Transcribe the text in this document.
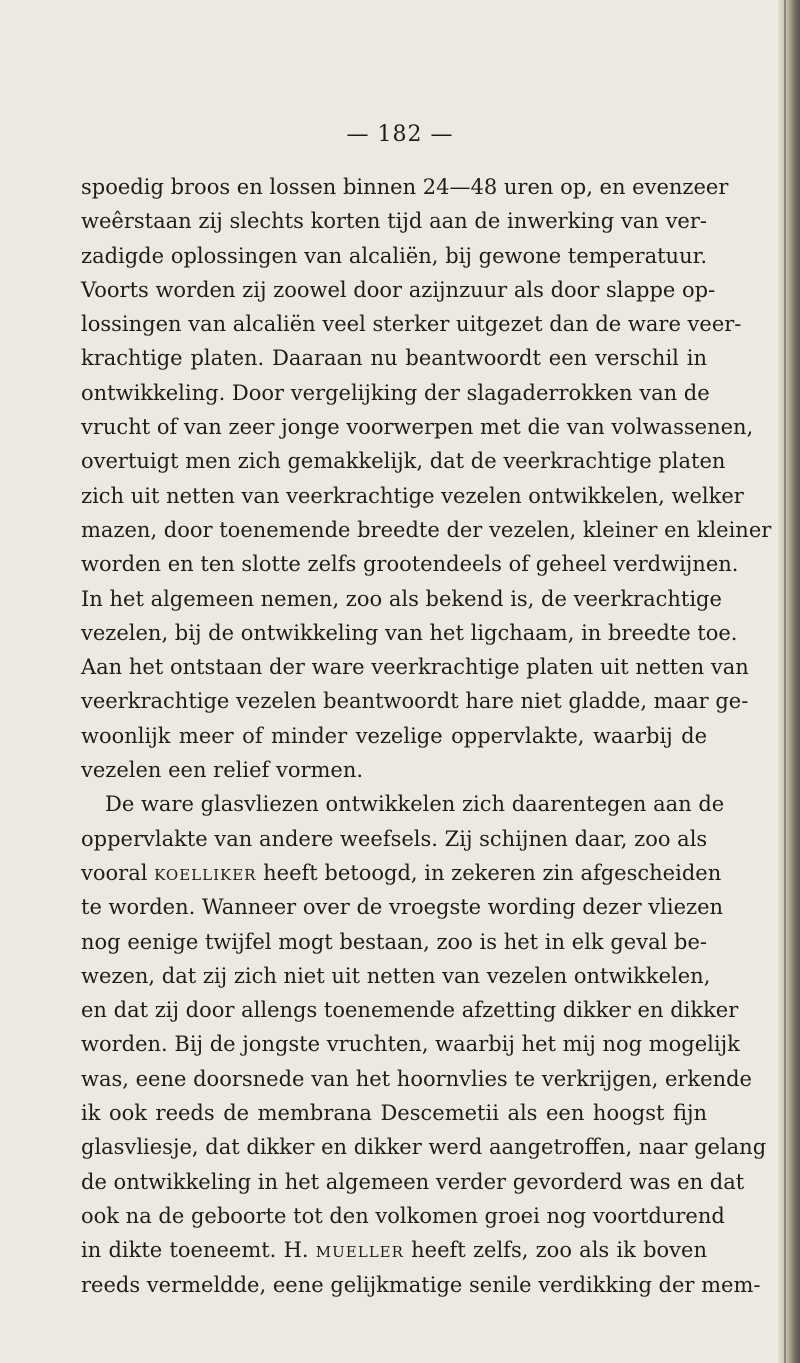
— 182 —
spoedig broos en lossen binnen 24—48 uren op, en evenzeer
weêrstaan zij slechts korten tijd aan de inwerking van ver-
zadigde oplossingen van alcaliën, bij gewone temperatuur.
Voorts worden zij zoowel door azijnzuur als door slappe op-
lossingen van alcaliën veel sterker uitgezet dan de ware veer-
krachtige platen. Daaraan nu beantwoordt een verschil in
ontwikkeling. Door vergelijking der slagaderrokken van de
vrucht of van zeer jonge voorwerpen met die van volwassenen,
overtuigt men zich gemakkelijk, dat de veerkrachtige platen
zich uit netten van veerkrachtige vezelen ontwikkelen, welker
mazen, door toenemende breedte der vezelen, kleiner en kleiner
worden en ten slotte zelfs grootendeels of geheel verdwijnen.
In het algemeen nemen, zoo als bekend is, de veerkrachtige
vezelen, bij de ontwikkeling van het ligchaam, in breedte toe.
Aan het ontstaan der ware veerkrachtige platen uit netten van
veerkrachtige vezelen beantwoordt hare niet gladde, maar ge-
woonlijk meer of minder vezelige oppervlakte, waarbij de
vezelen een relief vormen.
De ware glasvliezen ontwikkelen zich daarentegen aan de
oppervlakte van andere weefsels. Zij schijnen daar, zoo als
vooral koelliker heeft betoogd, in zekeren zin afgescheiden
te worden. Wanneer over de vroegste wording dezer vliezen
nog eenige twijfel mogt bestaan, zoo is het in elk geval be-
wezen, dat zij zich niet uit netten van vezelen ontwikkelen,
en dat zij door allengs toenemende afzetting dikker en dikker
worden. Bij de jongste vruchten, waarbij het mij nog mogelijk
was, eene doorsnede van het hoornvlies te verkrijgen, erkende
ik ook reeds de membrana Descemetii als een hoogst fijn
glasvliesje, dat dikker en dikker werd aangetroffen, naar gelang
de ontwikkeling in het algemeen verder gevorderd was en dat
ook na de geboorte tot den volkomen groei nog voortdurend
in dikte toeneemt. H. mueller heeft zelfs, zoo als ik boven
reeds vermeldde, eene gelijkmatige senile verdikking der mem-
